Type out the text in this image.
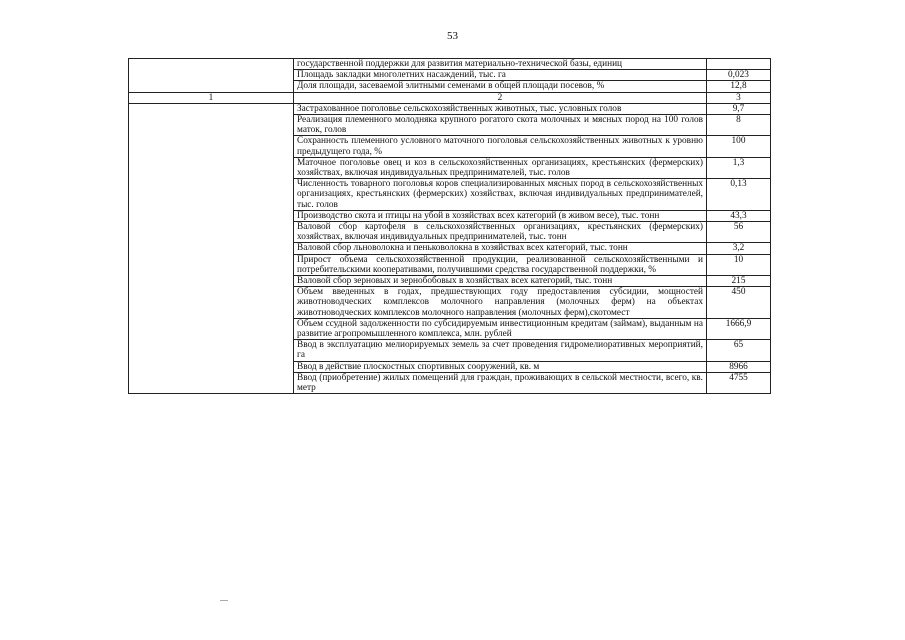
53
	государственной поддержки для развития материально-технической базы, единиц	
	Площадь закладки многолетних насаждений, тыс. га	0,023
	Доля площади, засеваемой элитными семенами в общей площади посевов, %	12,8
1	2	3
	Застрахованное поголовье сельскохозяйственных животных, тыс. условных голов	9,7
	Реализация племенного молодняка крупного рогатого скота молочных и мясных пород на 100 голов маток, голов	8
	Сохранность племенного условного маточного поголовья сельскохозяйственных животных к уровню предыдущего года, %	100
	Маточное поголовье овец и коз в сельскохозяйственных организациях, крестьянских (фермерских) хозяйствах, включая индивидуальных предпринимателей, тыс. голов	1,3
	Численность товарного поголовья коров специализированных мясных пород в сельскохозяйственных организациях, крестьянских (фермерских) хозяйствах, включая индивидуальных предпринимателей, тыс. голов	0,13
	Производство скота и птицы на убой в хозяйствах всех категорий (в живом весе), тыс. тонн	43,3
	Валовой сбор картофеля в сельскохозяйственных организациях, крестьянских (фермерских) хозяйствах, включая индивидуальных предпринимателей, тыс. тонн	56
	Валовой сбор льноволокна и пеньковолокна в хозяйствах всех категорий, тыс. тонн	3,2
	Прирост объема сельскохозяйственной продукции, реализованной сельскохозяйственными и потребительскими кооперативами, получившими средства государственной поддержки, %	10
	Валовой сбор зерновых и зернобобовых в хозяйствах всех категорий, тыс. тонн	215
	Объем введенных в годах, предшествующих году предоставления субсидии, мощностей животноводческих комплексов молочного направления (молочных ферм) на объектах животноводческих комплексов молочного направления (молочных ферм),скотомест	450
	Объем ссудной задолженности по субсидируемым инвестиционным кредитам (займам), выданным на развитие агропромышленного комплекса, млн. рублей	1666,9
	Ввод в эксплуатацию мелиорируемых земель за счет проведения гидромелиоративных мероприятий, га	65
	Ввод в действие плоскостных спортивных сооружений, кв. м	8966
	Ввод (приобретение) жилых помещений для граждан, проживающих в сельской местности, всего, кв. метр	4755
